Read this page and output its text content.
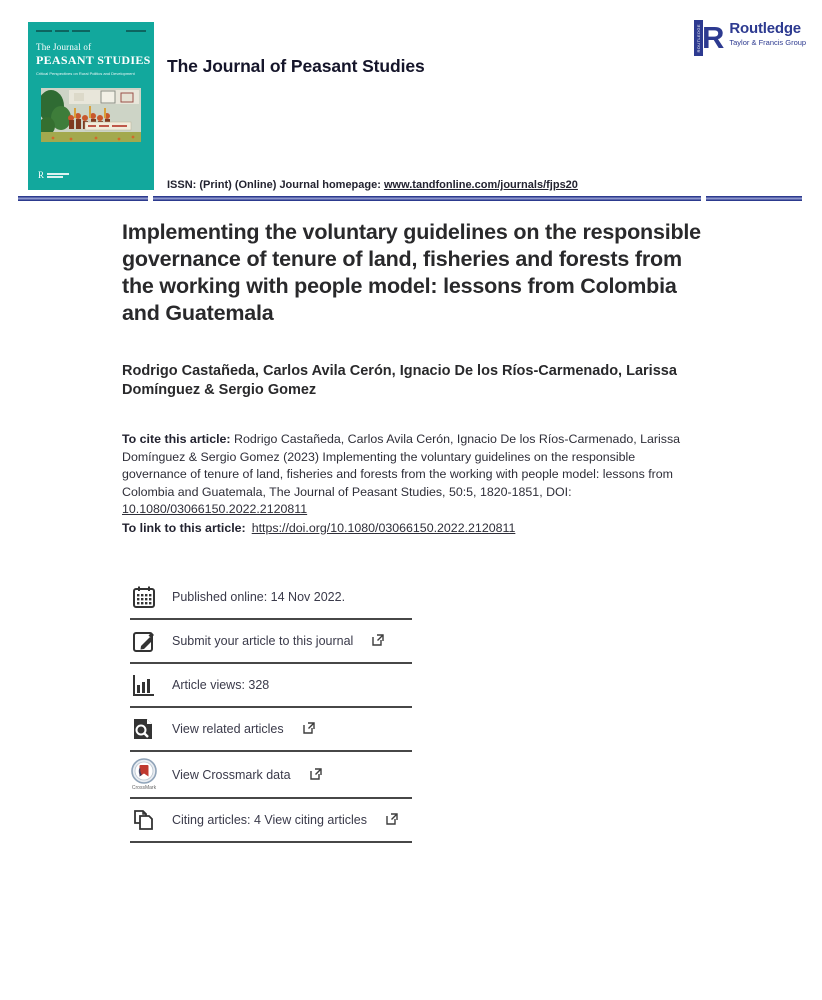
The Journal of
PEASANT STUDIES
Critical Perspectives on Rural Politics and Development
R
The Journal of Peasant Studies
ROUTLEDGE R Routledge
Taylor & Francis Group
ISSN: (Print) (Online) Journal homepage: www.tandfonline.com/journals/fjps20
Implementing the voluntary guidelines on the responsible governance of tenure of land, fisheries and forests from the working with people model: lessons from Colombia and Guatemala
Rodrigo Castañeda, Carlos Avila Cerón, Ignacio De los Ríos-Carmenado, Larissa Domínguez & Sergio Gomez

To cite this article: Rodrigo Castañeda, Carlos Avila Cerón, Ignacio De los Ríos-Carmenado, Larissa Domínguez & Sergio Gomez (2023) Implementing the voluntary guidelines on the responsible governance of tenure of land, fisheries and forests from the working with people model: lessons from Colombia and Guatemala, The Journal of Peasant Studies, 50:5, 1820-1851, DOI: 10.1080/03066150.2022.2120811

To link to this article: https://doi.org/10.1080/03066150.2022.2120811

Published online: 14 Nov 2022.
Submit your article to this journal
Article views: 328
View related articles
CrossMark
View Crossmark data
Citing articles: 4 View citing articles
